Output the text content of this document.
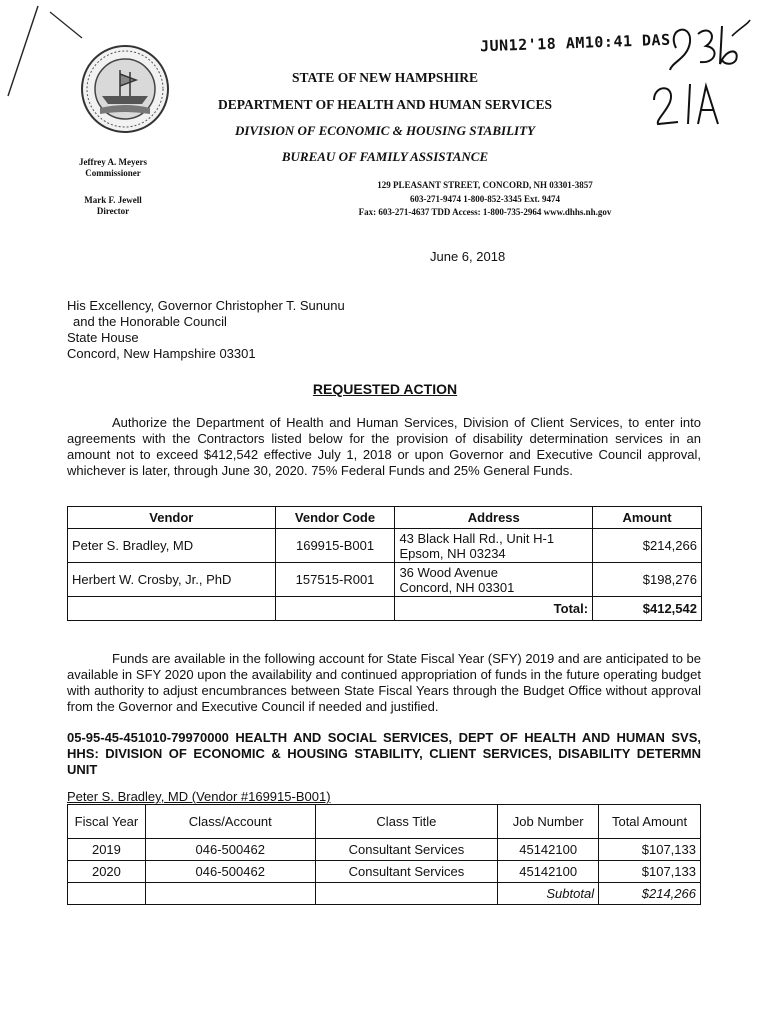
JUN12'18 AM10:41 DAS
STATE OF NEW HAMPSHIRE
DEPARTMENT OF HEALTH AND HUMAN SERVICES
DIVISION OF ECONOMIC & HOUSING STABILITY
BUREAU OF FAMILY ASSISTANCE
129 PLEASANT STREET, CONCORD, NH 03301-3857
603-271-9474 1-800-852-3345 Ext. 9474
Fax: 603-271-4637 TDD Access: 1-800-735-2964 www.dhhs.nh.gov
Jeffrey A. Meyers
Commissioner
Mark F. Jewell
Director
June 6, 2018
His Excellency, Governor Christopher T. Sununu
and the Honorable Council
State House
Concord, New Hampshire 03301
REQUESTED ACTION
Authorize the Department of Health and Human Services, Division of Client Services, to enter into agreements with the Contractors listed below for the provision of disability determination services in an amount not to exceed $412,542 effective July 1, 2018 or upon Governor and Executive Council approval, whichever is later, through June 30, 2020. 75% Federal Funds and 25% General Funds.
Vendor	Vendor Code	Address	Amount
Peter S. Bradley, MD	169915-B001	43 Black Hall Rd., Unit H-1
Epsom, NH 03234	$214,266
Herbert W. Crosby, Jr., PhD	157515-R001	36 Wood Avenue
Concord, NH 03301	$198,276
		Total:	$412,542
Funds are available in the following account for State Fiscal Year (SFY) 2019 and are anticipated to be available in SFY 2020 upon the availability and continued appropriation of funds in the future operating budget with authority to adjust encumbrances between State Fiscal Years through the Budget Office without approval from the Governor and Executive Council if needed and justified.
05-95-45-451010-79970000 HEALTH AND SOCIAL SERVICES, DEPT OF HEALTH AND HUMAN SVS, HHS: DIVISION OF ECONOMIC & HOUSING STABILITY, CLIENT SERVICES, DISABILITY DETERMN UNIT
Peter S. Bradley, MD (Vendor #169915-B001)
Fiscal Year	Class/Account	Class Title	Job Number	Total Amount
2019	046-500462	Consultant Services	45142100	$107,133
2020	046-500462	Consultant Services	45142100	$107,133
			Subtotal	$214,266
